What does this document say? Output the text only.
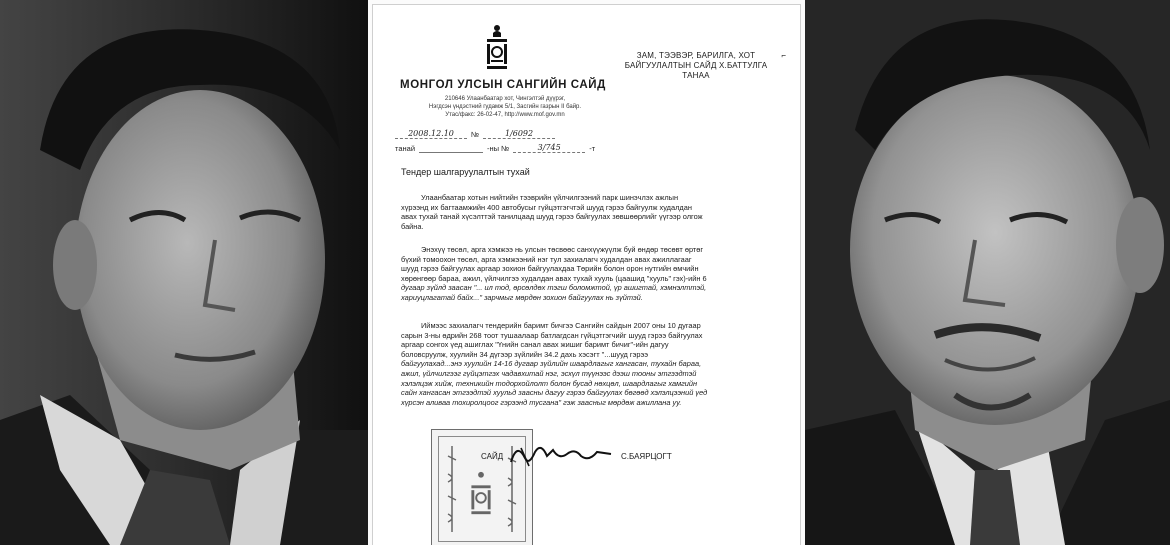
МОНГОЛ УЛСЫН САНГИЙН САЙД
210646 Улаанбаатар хот, Чингэлтэй дүүрэг,
Нэгдсэн үндэстний гудамж 5/1, Засгийн газрын II байр.
Утас/факс: 26-02-47, http://www.mof.gov.mn
ЗАМ, ТЭЭВЭР, БАРИЛГА, ХОТ
БАЙГУУЛАЛТЫН САЙД Х.БАТТУЛГА
ТАНАА
⌐
2008.12.10	№	1/6092
танай	-ны №	3/745	-т
Тендер шалгаруулалтын тухай
Улаанбаатар хотын нийтийн тээврийн үйлчилгээний парк шинэчлэх ажлын
хүрээнд их багтаамжийн 400 автобусыг гүйцэтгэгчтэй шууд гэрээ байгуулж худалдан
авах тухай танай хүсэлттэй танилцаад шууд гэрээ байгуулах зөвшөөрлийг үүгээр олгож
байна.
Энэхүү төсөл, арга хэмжээ нь улсын төсвөөс санхүүжүүлж буй өндөр төсөвт өртөг
бүхий томоохон төсөл, арга хэмжээний нэг тул захиалагч худалдан авах ажиллагааг
шууд гэрээ байгуулах аргаар зохион байгуулахдаа Төрийн болон орон нутгийн өмчийн
хөрөнгөөр бараа, ажил, үйлчилгээ худалдан авах тухай хууль (цаашид "хууль" гэх)-ийн 6
дугаар зүйлд заасан "... ил тод, өрсөлдөх тэгш боломжтой, үр ашигтай, хэмнэлттэй,
хариуцлагатай байх..." зарчмыг мөрдөн зохион байгуулах нь зүйтэй.
Иймээс захиалагч тендерийн баримт бичгээ Сангийн сайдын 2007 оны 10 дугаар
сарын 3-ны өдрийн 268 тоот тушаалаар батлагдсан гүйцэтгэгчийг шууд гэрээ байгуулах
аргаар сонгох үед ашиглах "Үнийн санал авах жишиг баримт бичиг"-ийн дагуу
боловсруулж, хуулийн 34 дүгээр зүйлийн 34.2 дахь хэсэгт "...шууд гэрээ
байгуулахад...энэ хуулийн 14-16 дугаар зүйлийн шаардлагыг хангасан, тухайн бараа,
ажил, үйлчилгээг гүйцэтгэх чадавхитай нэг, эсхүл түүнээс дээш тооны этгээдтэй
хэлэлцэж хийж, техникийн тодорхойлолт болон бусад нөхцөл, шаардлагыг хамгийн
сайн хангасан этгээдтэй хуульд заасны дагуу гэрээ байгуулах бөгөөд хэлэлцээний үед
хүрсэн аливаа тохиролцоог гэрээнд тусгана" гэж заасныг мөрдөж ажиллана уу.
САЙД	С.БАЯРЦОГТ
